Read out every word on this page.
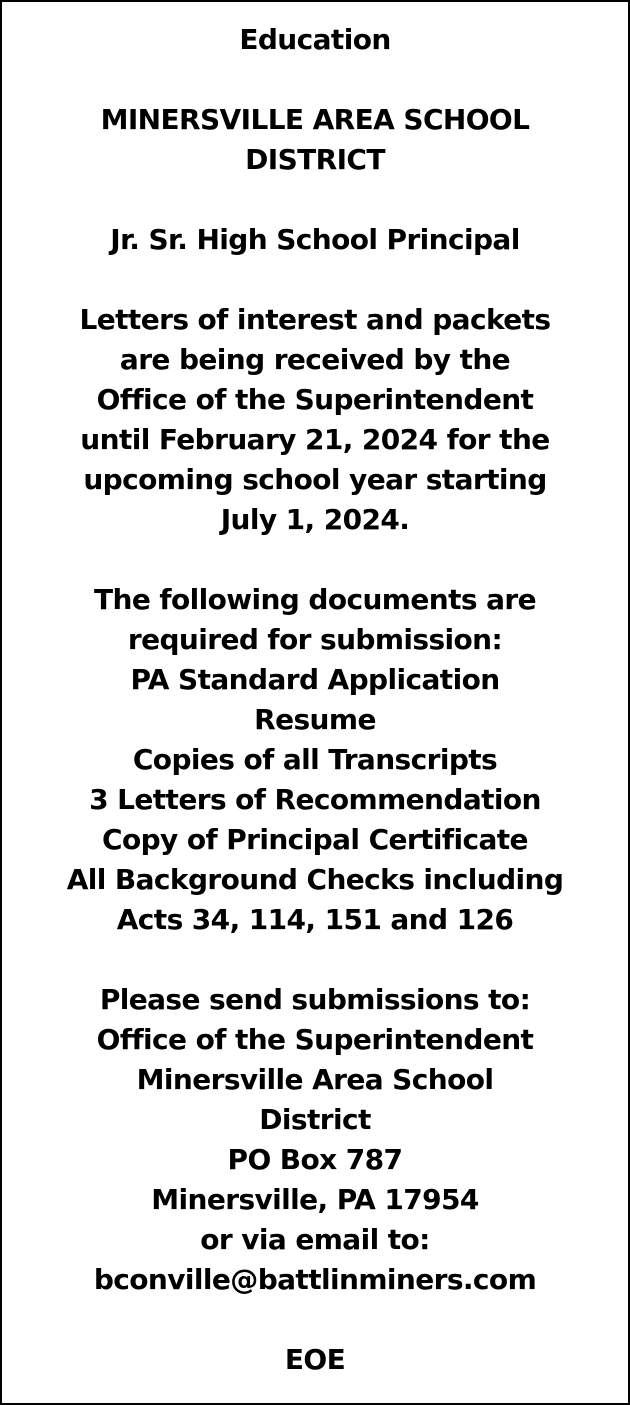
Education
MINERSVILLE AREA SCHOOL
DISTRICT
Jr. Sr. High School Principal
Letters of interest and packets
are being received by the
Office of the Superintendent
until February 21, 2024 for the
upcoming school year starting
July 1, 2024.
The following documents are
required for submission:
PA Standard Application
Resume
Copies of all Transcripts
3 Letters of Recommendation
Copy of Principal Certificate
All Background Checks including
Acts 34, 114, 151 and 126
Please send submissions to:
Office of the Superintendent
Minersville Area School
District
PO Box 787
Minersville, PA 17954
or via email to:
bconville@battlinminers.com
EOE
